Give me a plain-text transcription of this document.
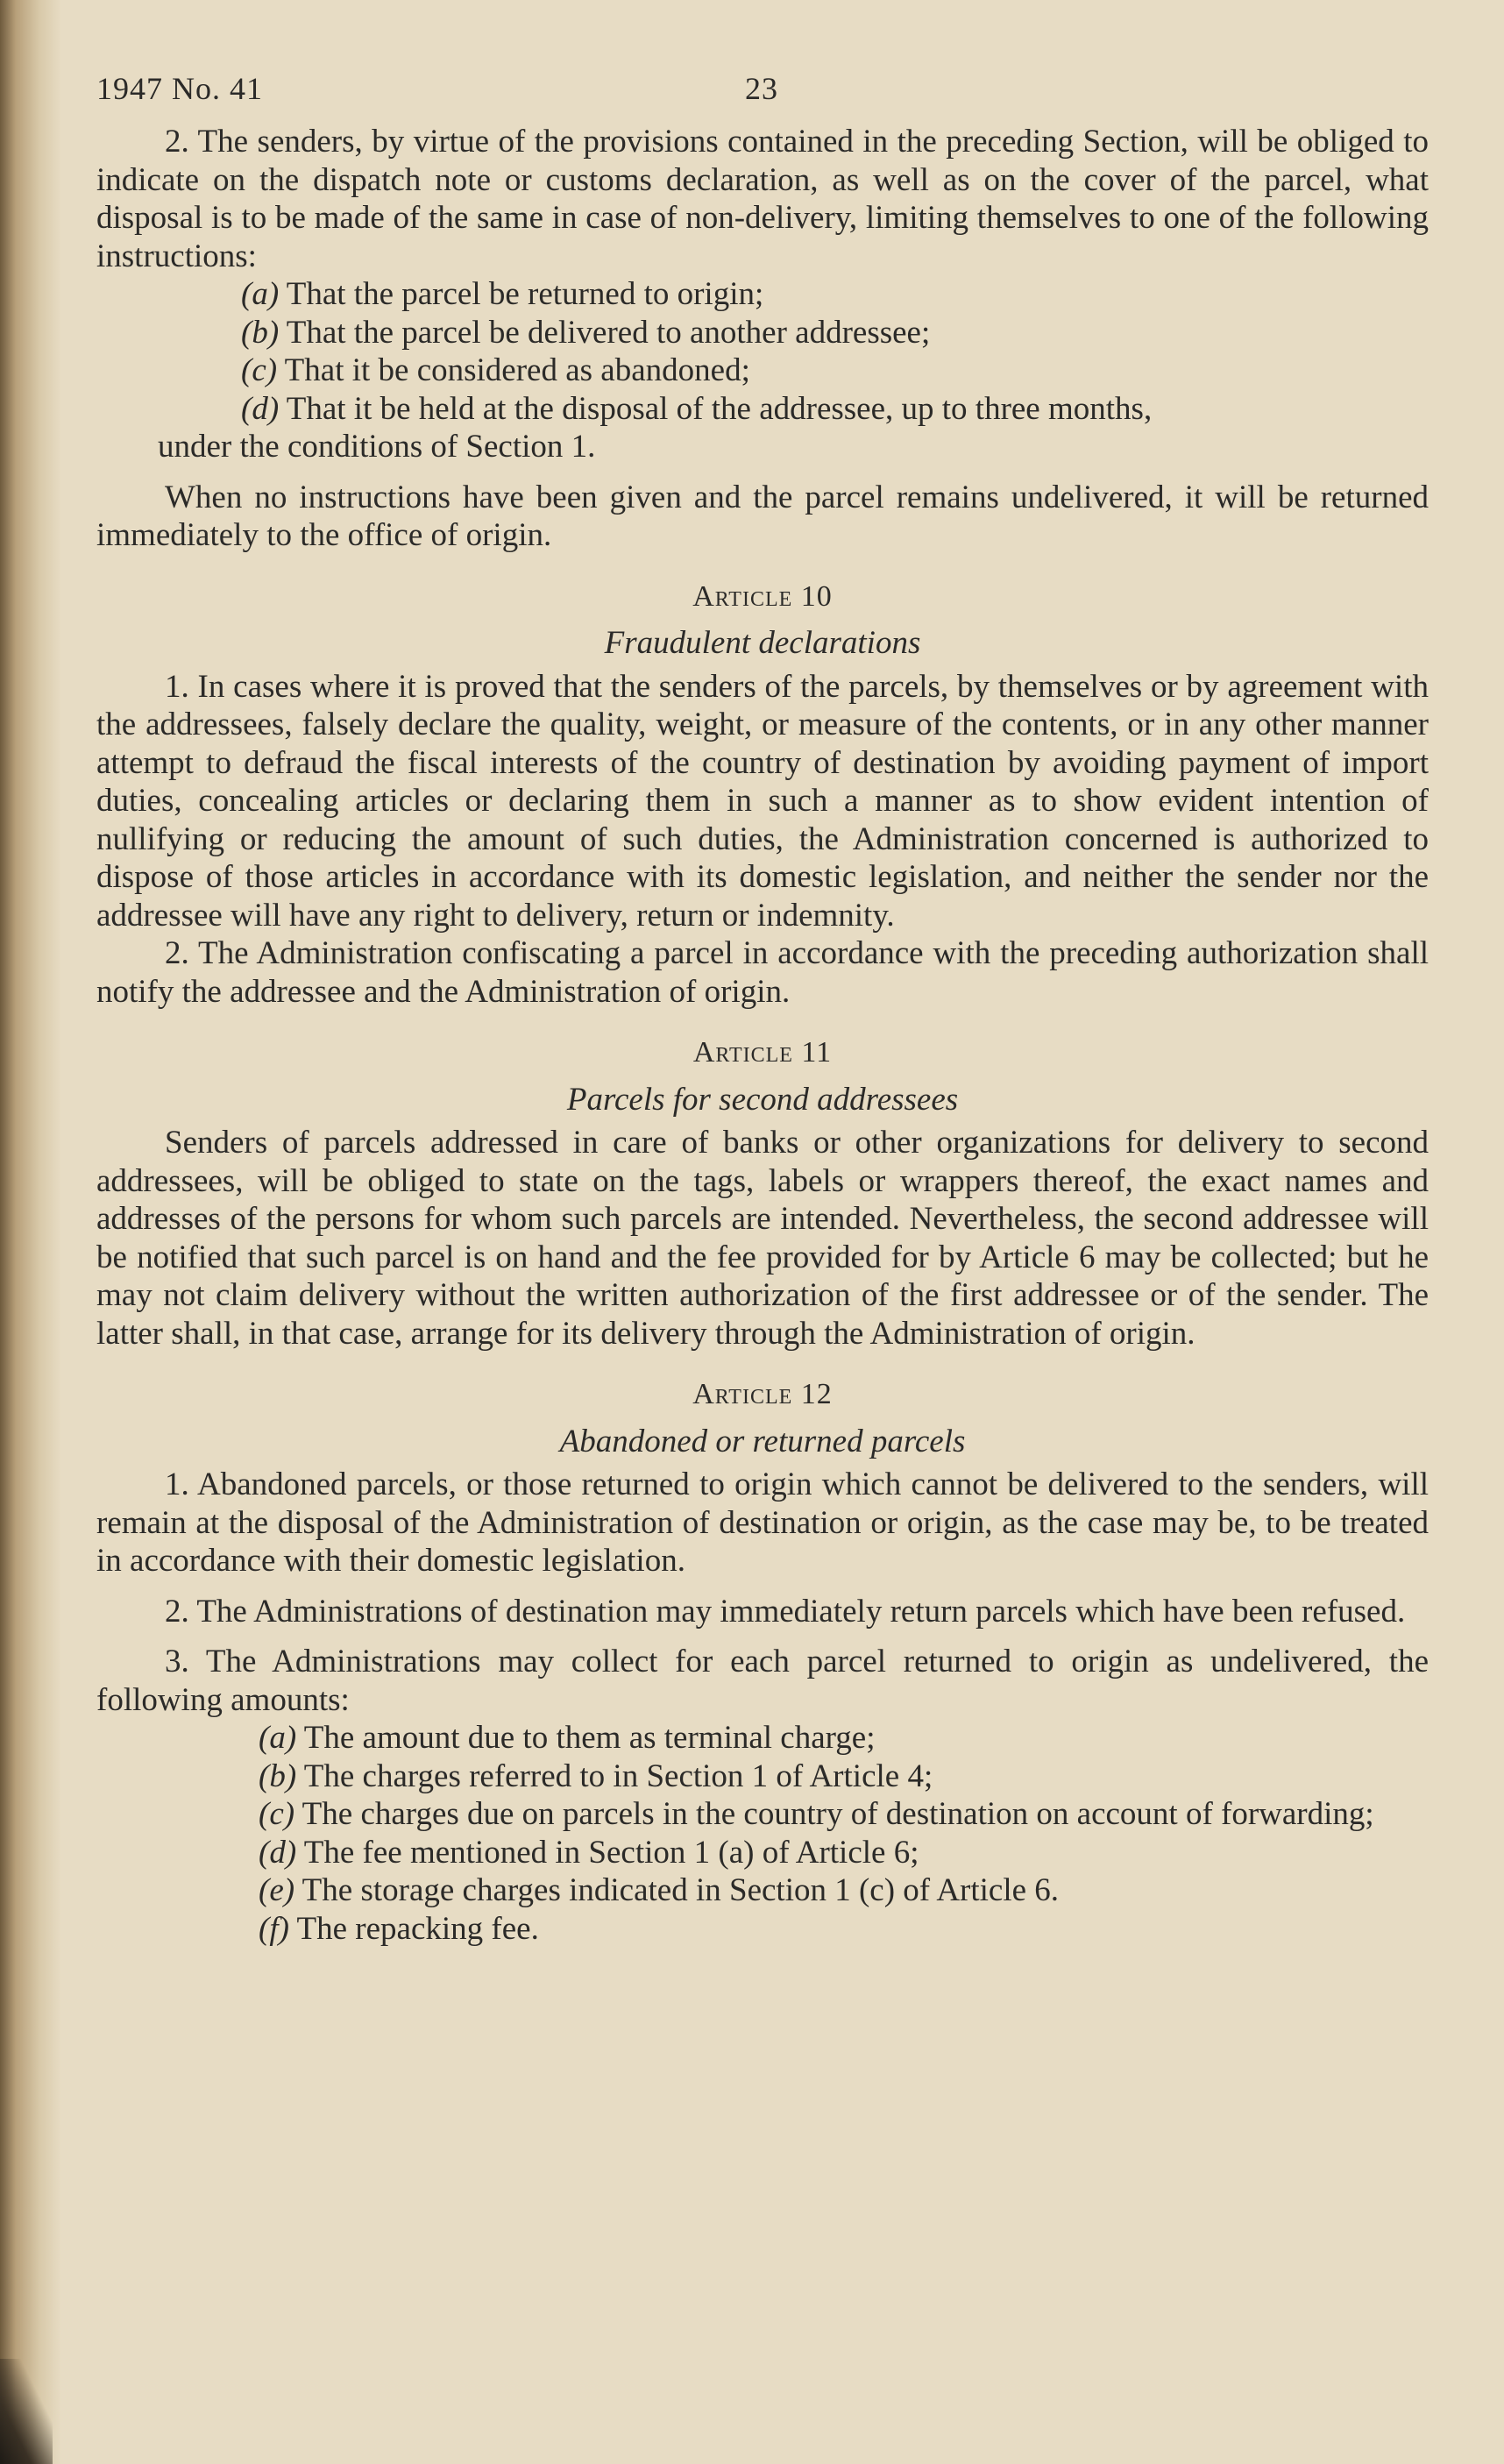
1947 No. 41	23

2. The senders, by virtue of the provisions contained in the preceding Section, will be obliged to indicate on the dispatch note or customs declaration, as well as on the cover of the parcel, what disposal is to be made of the same in case of non-delivery, limiting themselves to one of the following instructions:

(a) That the parcel be returned to origin;
(b) That the parcel be delivered to another addressee;
(c) That it be considered as abandoned;
(d) That it be held at the disposal of the addressee, up to three months,
under the conditions of Section 1.

When no instructions have been given and the parcel remains undelivered, it will be returned immediately to the office of origin.

Article 10
Fraudulent declarations

1. In cases where it is proved that the senders of the parcels, by themselves or by agreement with the addressees, falsely declare the quality, weight, or measure of the contents, or in any other manner attempt to defraud the fiscal interests of the country of destination by avoiding payment of import duties, concealing articles or declaring them in such a manner as to show evident intention of nullifying or reducing the amount of such duties, the Administration concerned is authorized to dispose of those articles in accordance with its domestic legislation, and neither the sender nor the addressee will have any right to delivery, return or indemnity.

2. The Administration confiscating a parcel in accordance with the preceding authorization shall notify the addressee and the Administration of origin.

Article 11
Parcels for second addressees

Senders of parcels addressed in care of banks or other organizations for delivery to second addressees, will be obliged to state on the tags, labels or wrappers thereof, the exact names and addresses of the persons for whom such parcels are intended. Nevertheless, the second addressee will be notified that such parcel is on hand and the fee provided for by Article 6 may be collected; but he may not claim delivery without the written authorization of the first addressee or of the sender. The latter shall, in that case, arrange for its delivery through the Administration of origin.

Article 12
Abandoned or returned parcels

1. Abandoned parcels, or those returned to origin which cannot be delivered to the senders, will remain at the disposal of the Administration of destination or origin, as the case may be, to be treated in accordance with their domestic legislation.

2. The Administrations of destination may immediately return parcels which have been refused.

3. The Administrations may collect for each parcel returned to origin as undelivered, the following amounts:

(a) The amount due to them as terminal charge;
(b) The charges referred to in Section 1 of Article 4;
(c) The charges due on parcels in the country of destination on account of forwarding;
(d) The fee mentioned in Section 1 (a) of Article 6;
(e) The storage charges indicated in Section 1 (c) of Article 6.
(f) The repacking fee.
